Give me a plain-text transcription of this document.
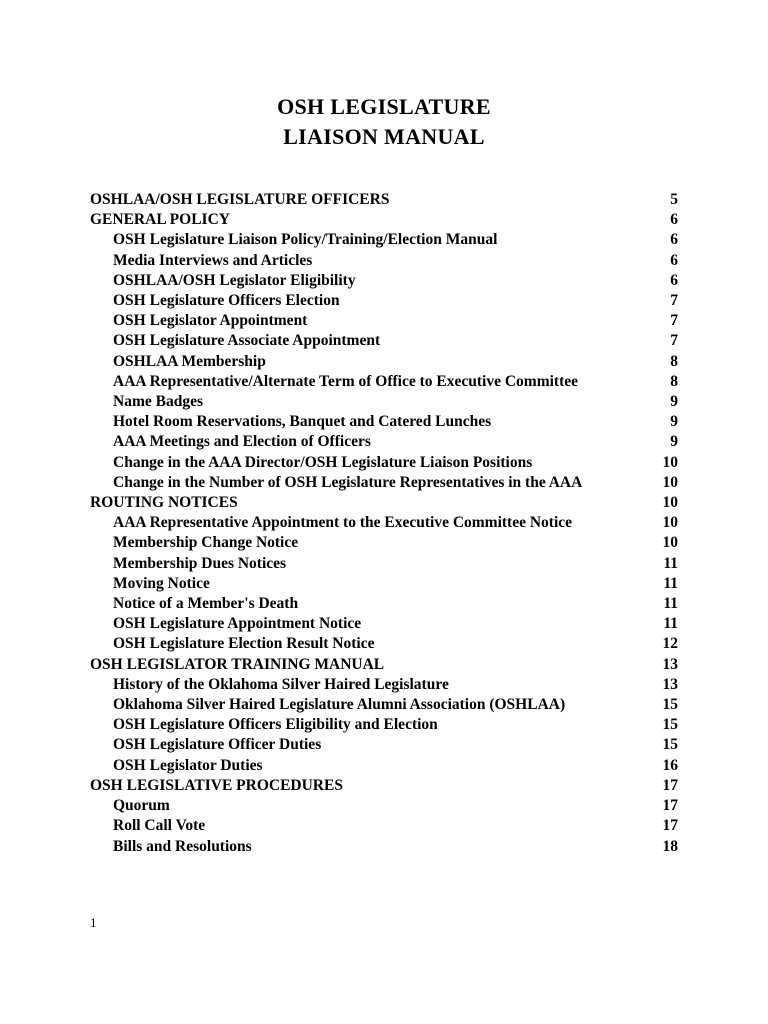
OSH LEGISLATURE
LIAISON MANUAL
OSHLAA/OSH LEGISLATURE OFFICERS	5
GENERAL POLICY	6
OSH Legislature Liaison Policy/Training/Election Manual	6
Media Interviews and Articles	6
OSHLAA/OSH Legislator Eligibility	6
OSH Legislature Officers Election	7
OSH Legislator Appointment	7
OSH Legislature Associate Appointment	7
OSHLAA Membership	8
AAA Representative/Alternate Term of Office to Executive Committee	8
Name Badges	9
Hotel Room Reservations, Banquet and Catered Lunches	9
AAA Meetings and Election of Officers	9
Change in the AAA Director/OSH Legislature Liaison Positions	10
Change in the Number of OSH Legislature Representatives in the AAA	10
ROUTING NOTICES	10
AAA Representative Appointment to the Executive Committee Notice	10
Membership Change Notice	10
Membership Dues Notices	11
Moving Notice	11
Notice of a Member's Death	11
OSH Legislature Appointment Notice	11
OSH Legislature Election Result Notice	12
OSH LEGISLATOR TRAINING MANUAL	13
History of the Oklahoma Silver Haired Legislature	13
Oklahoma Silver Haired Legislature Alumni Association (OSHLAA)	15
OSH Legislature Officers Eligibility and Election	15
OSH Legislature Officer Duties	15
OSH Legislator Duties	16
OSH LEGISLATIVE PROCEDURES	17
Quorum	17
Roll Call Vote	17
Bills and Resolutions	18
1
